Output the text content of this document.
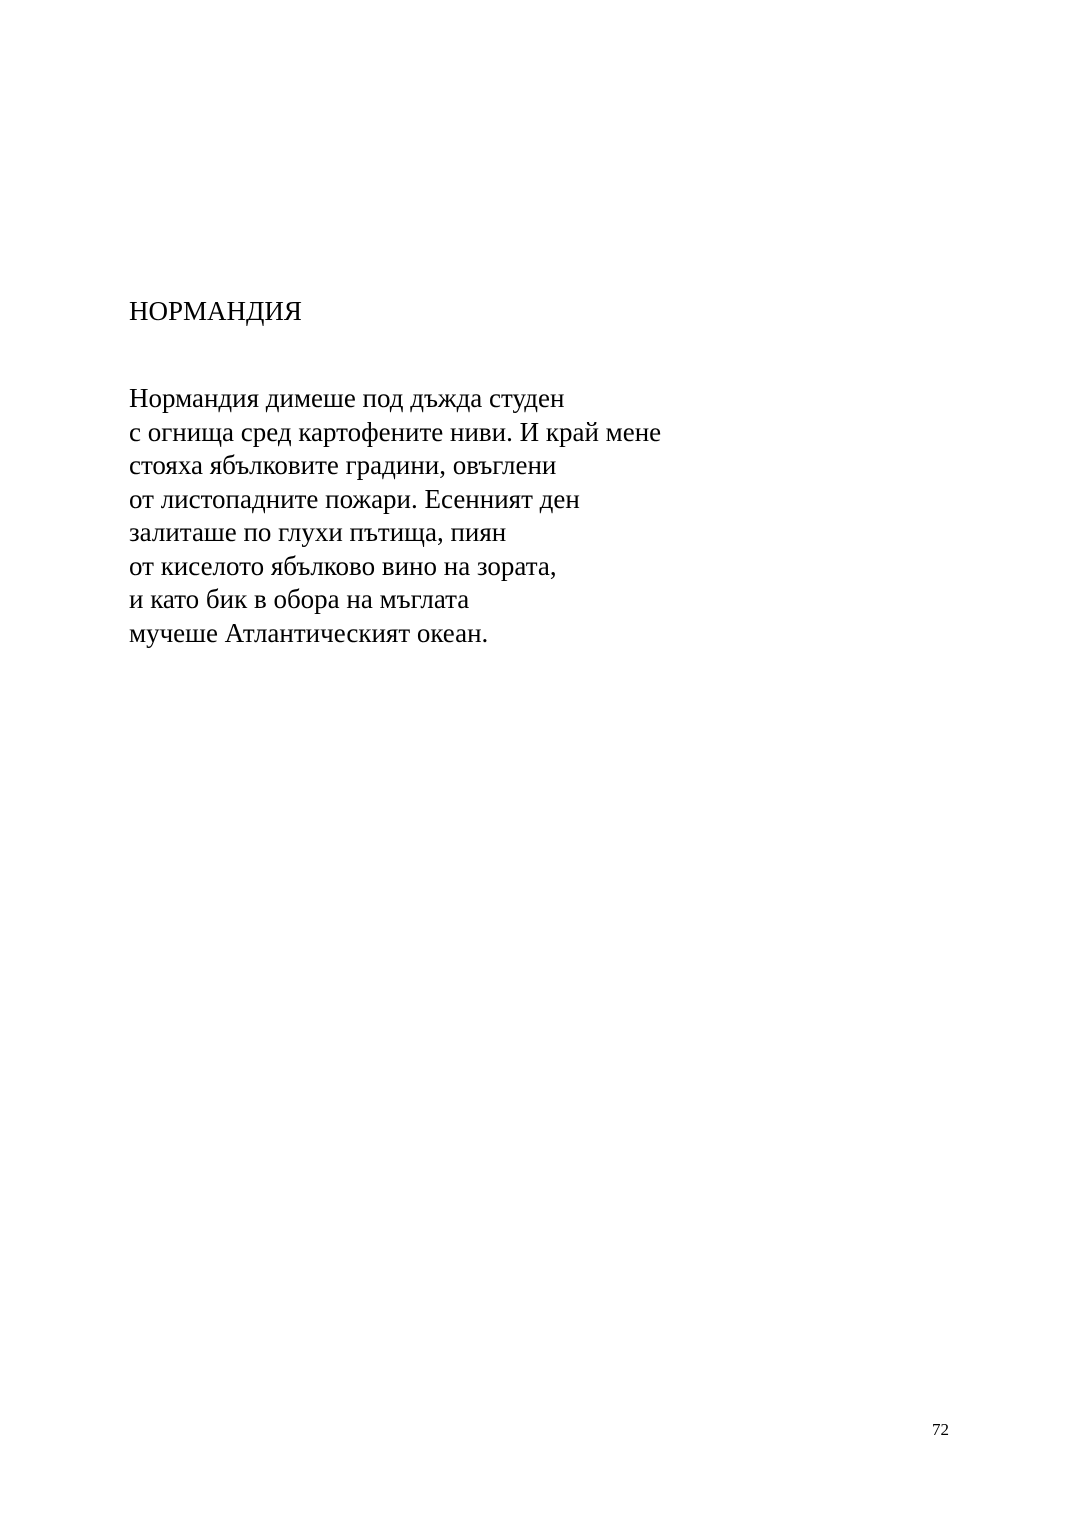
НОРМАНДИЯ
Нормандия димеше под дъжда студен
с огнища сред картофените ниви. И край мене
стояха ябълковите градини, овъглени
от листопадните пожари. Есенният ден
залиташе по глухи пътища, пиян
от киселото ябълково вино на зората,
и като бик в обора на мъглата
мучеше Атлантическият океан.
72
